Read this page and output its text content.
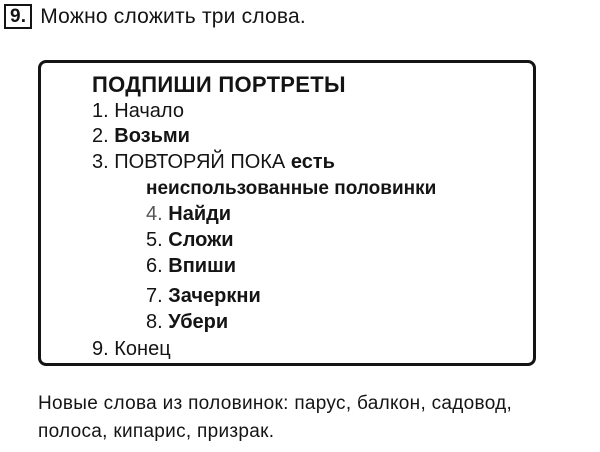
9. Можно сложить три слова.
ПОДПИШИ ПОРТРЕТЫ
1. Начало
2. Возьми
3. ПОВТОРЯЙ ПОКА есть
неиспользованные половинки
4. Найди
5. Сложи
6. Впиши
7. Зачеркни
8. Убери
9. Конец
Новые слова из половинок: парус, балкон, садовод,
полоса, кипарис, призрак.
